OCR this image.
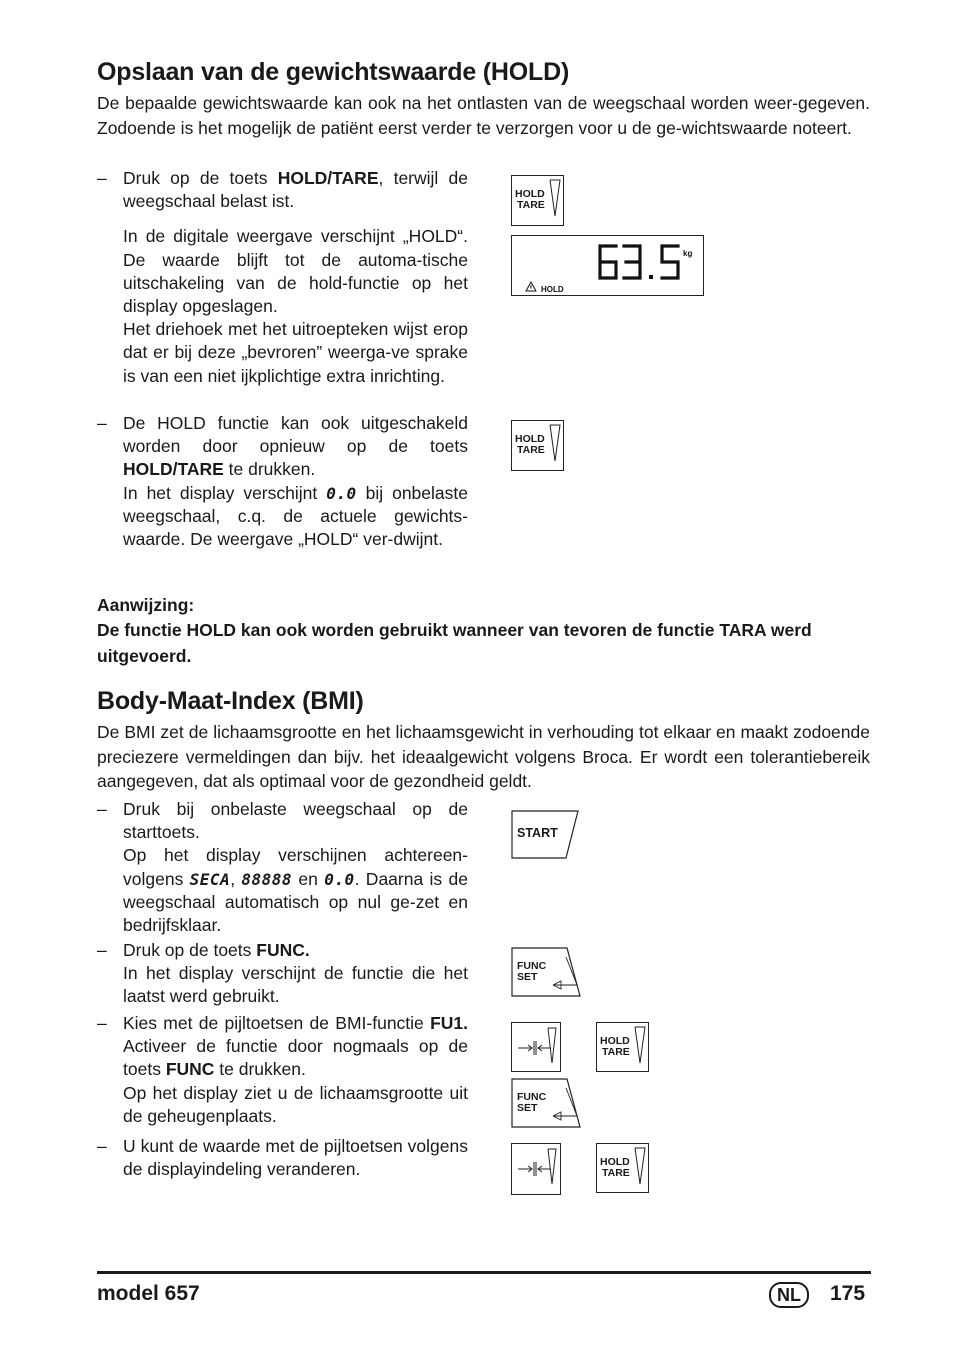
Opslaan van de gewichtswaarde (HOLD)

De bepaalde gewichtswaarde kan ook na het ontlasten van de weegschaal worden weer-gegeven. Zodoende is het mogelijk de patiënt eerst verder te verzorgen voor u de ge-wichtswaarde noteert.

– Druk op de toets HOLD/TARE, terwijl de weegschaal belast ist.

In de digitale weergave verschijnt „HOLD“. De waarde blijft tot de automa-tische uitschakeling van de hold-functie op het display opgeslagen.

Het driehoek met het uitroepteken wijst erop dat er bij deze „bevroren” weerga-ve sprake is van een niet ijkplichtige extra inrichting.

– De HOLD functie kan ook uitgeschakeld worden door opnieuw op de toets HOLD/TARE te drukken.

In het display verschijnt 0.0 bij onbelaste weegschaal, c.q. de actuele gewichts-waarde. De weergave „HOLD“ ver-dwijnt.

HOLD
TARE
kg
HOLD
HOLD
TARE

Aanwijzing:

De functie HOLD kan ook worden gebruikt wanneer van tevoren de functie TARA werd uitgevoerd.

Body-Maat-Index (BMI)

De BMI zet de lichaamsgrootte en het lichaamsgewicht in verhouding tot elkaar en maakt zodoende preciezere vermeldingen dan bijv. het ideaalgewicht volgens Broca. Er wordt een tolerantiebereik aangegeven, dat als optimaal voor de gezondheid geldt.

– Druk bij onbelaste weegschaal op de starttoets.

Op het display verschijnen achtereen-volgens SECA, 88888 en 0.0. Daarna is de weegschaal automatisch op nul ge-zet en bedrijfsklaar.

– Druk op de toets FUNC.

In het display verschijnt de functie die het laatst werd gebruikt.

– Kies met de pijltoetsen de BMI-functie FU1. Activeer de functie door nogmaals op de toets FUNC te drukken.

Op het display ziet u de lichaamsgrootte uit de geheugenplaats.

– U kunt de waarde met de pijltoetsen volgens de displayindeling veranderen.

START
FUNC
SET
HOLD
TARE
FUNC
SET
HOLD
TARE
model 657	NL	175
